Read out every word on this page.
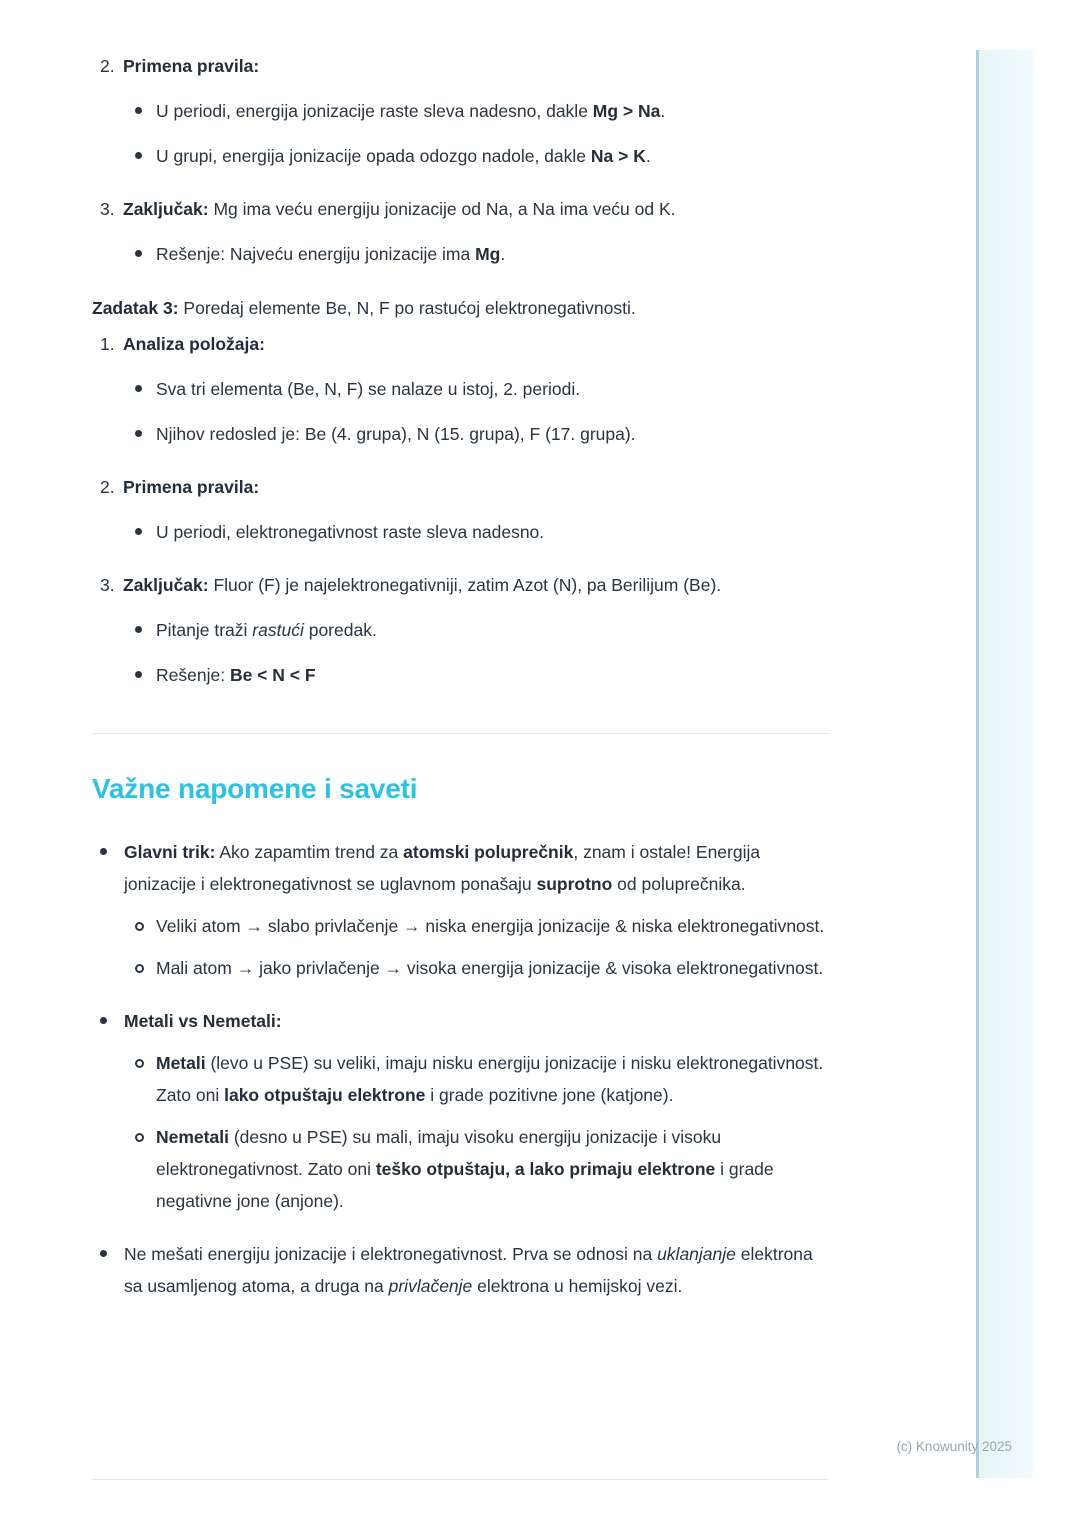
2. Primena pravila:

U periodi, energija jonizacije raste sleva nadesno, dakle Mg > Na.

U grupi, energija jonizacije opada odozgo nadole, dakle Na > K.

3. Zaključak: Mg ima veću energiju jonizacije od Na, a Na ima veću od K.

Rešenje: Najveću energiju jonizacije ima Mg.

Zadatak 3: Poredaj elemente Be, N, F po rastućoj elektronegativnosti.

1. Analiza položaja:

Sva tri elementa (Be, N, F) se nalaze u istoj, 2. periodi.

Njihov redosled je: Be (4. grupa), N (15. grupa), F (17. grupa).

2. Primena pravila:

U periodi, elektronegativnost raste sleva nadesno.

3. Zaključak: Fluor (F) je najelektronegativniji, zatim Azot (N), pa Berilijum (Be).

Pitanje traži rastući poredak.

Rešenje: Be < N < F

Važne napomene i saveti

Glavni trik: Ako zapamtim trend za atomski poluprečnik, znam i ostale! Energija jonizacije i elektronegativnost se uglavnom ponašaju suprotno od poluprečnika.

Veliki atom → slabo privlačenje → niska energija jonizacije & niska elektronegativnost.

Mali atom → jako privlačenje → visoka energija jonizacije & visoka elektronegativnost.

Metali vs Nemetali:

Metali (levo u PSE) su veliki, imaju nisku energiju jonizacije i nisku elektronegativnost. Zato oni lako otpuštaju elektrone i grade pozitivne jone (katjone).

Nemetali (desno u PSE) su mali, imaju visoku energiju jonizacije i visoku elektronegativnost. Zato oni teško otpuštaju, a lako primaju elektrone i grade negativne jone (anjone).

Ne mešati energiju jonizacije i elektronegativnost. Prva se odnosi na uklanjanje elektrona sa usamljenog atoma, a druga na privlačenje elektrona u hemijskoj vezi.

(c) Knowunity 2025
